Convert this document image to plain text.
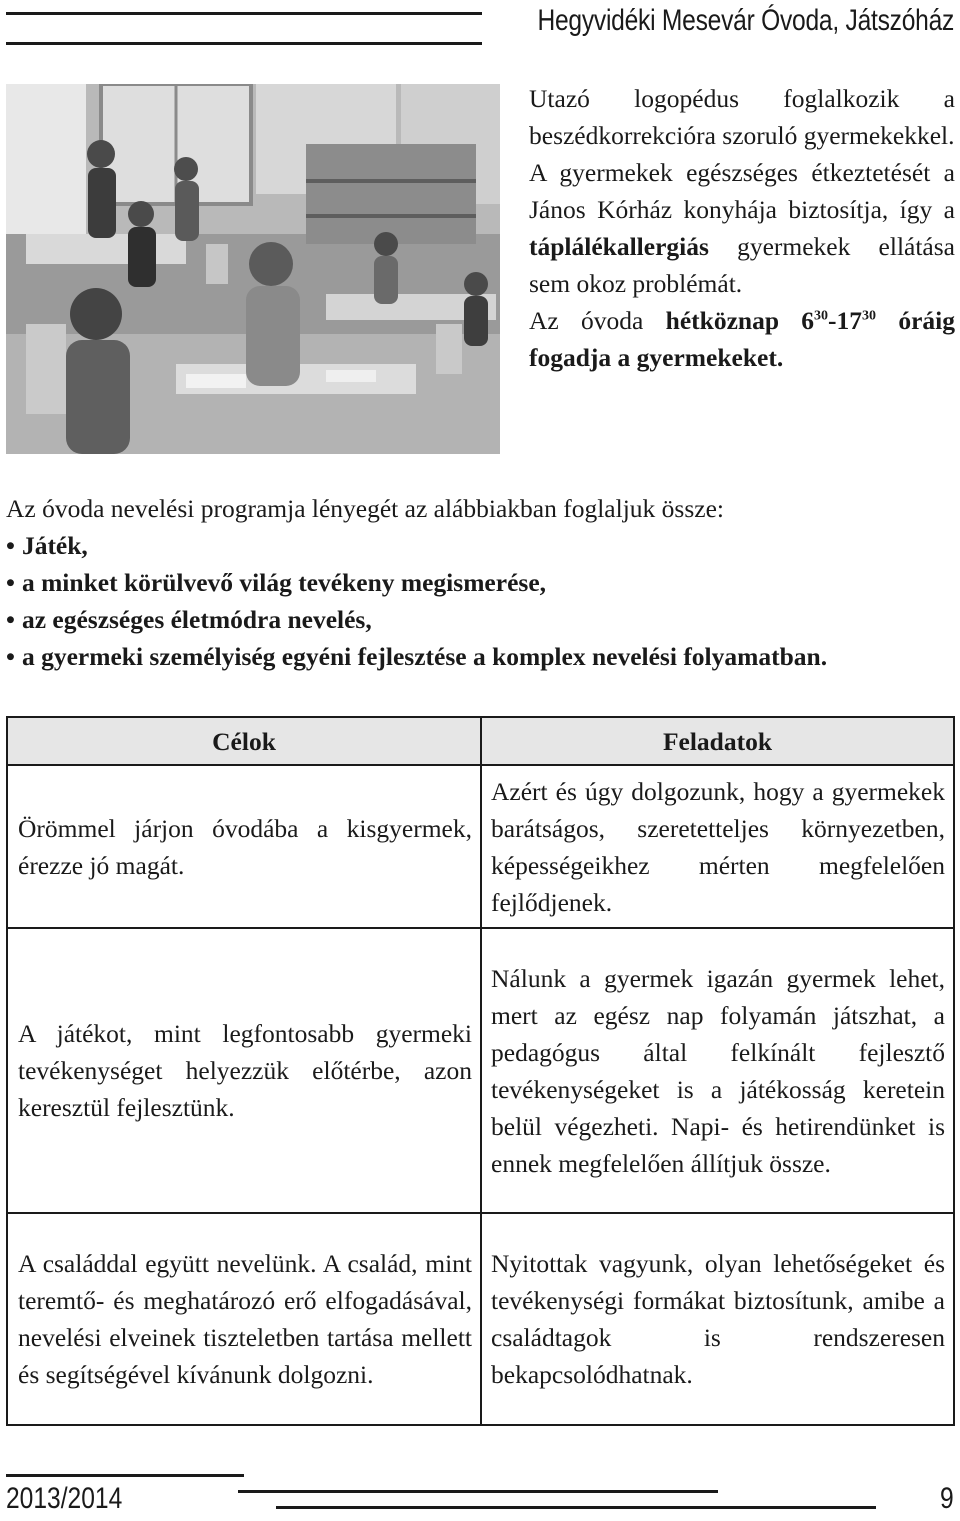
Hegyvidéki Mesevár Óvoda, Játszóház

Utazó logopédus foglalkozik a beszédkorrekcióra szoruló gyermekekkel.

A gyermekek egészséges étkeztetését a János Kórház konyhája biztosítja, így a táplálékallergiás gyermekek ellátása sem okoz problémát.

Az óvoda hétköznap $6^{30}-17^{30}$ óráig fogadja a gyermekeket.

Az óvoda nevelési programja lényegét az alábbiakban foglaljuk össze:

• Játék,
• a minket körülvevő világ tevékeny megismerése,
• az egészséges életmódra nevelés,
• a gyermeki személyiség egyéni fejlesztése a komplex nevelési folyamatban.
Célok	Feladatok
Örömmel járjon óvodába a kisgyermek, érezze jó magát.	Azért és úgy dolgozunk, hogy a gyermekek barátságos, szeretetteljes környezetben, képességeikhez mérten megfelelően fejlődjenek.
A játékot, mint legfontosabb gyermeki tevékenységet helyezzük előtérbe, azon keresztül fejlesztünk.	Nálunk a gyermek igazán gyermek lehet, mert az egész nap folyamán játszhat, a pedagógus által felkínált fejlesztő tevékenységeket is a játékosság keretein belül végezheti. Napi- és hetirendünket is ennek megfelelően állítjuk össze.
A családdal együtt nevelünk. A család, mint teremtő- és meghatározó erő elfogadásával, nevelési elveinek tiszteletben tartása mellett és segítségével kívánunk dolgozni.	Nyitottak vagyunk, olyan lehetőségeket és tevékenységi formákat biztosítunk, amibe a családtagok is rendszeresen bekapcsolódhatnak.
2013/2014	9
